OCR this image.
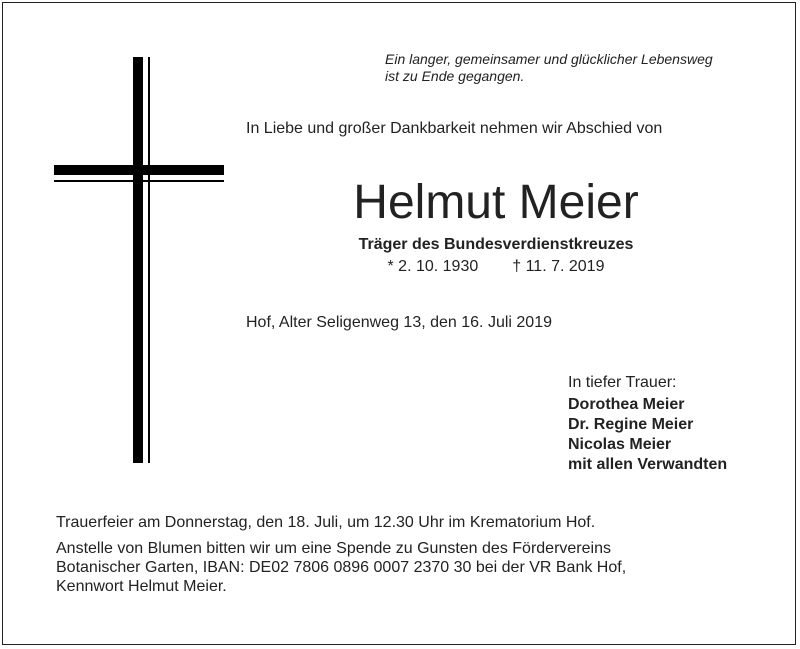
Ein langer, gemeinsamer und glücklicher Lebensweg
ist zu Ende gegangen.
In Liebe und großer Dankbarkeit nehmen wir Abschied von
Helmut Meier
Träger des Bundesverdienstkreuzes
* 2. 10. 1930 † 11. 7. 2019
Hof, Alter Seligenweg 13, den 16. Juli 2019
In tiefer Trauer:
Dorothea Meier
Dr. Regine Meier
Nicolas Meier
mit allen Verwandten
Trauerfeier am Donnerstag, den 18. Juli, um 12.30 Uhr im Krematorium Hof.
Anstelle von Blumen bitten wir um eine Spende zu Gunsten des Fördervereins
Botanischer Garten, IBAN: DE02 7806 0896 0007 2370 30 bei der VR Bank Hof,
Kennwort Helmut Meier.
